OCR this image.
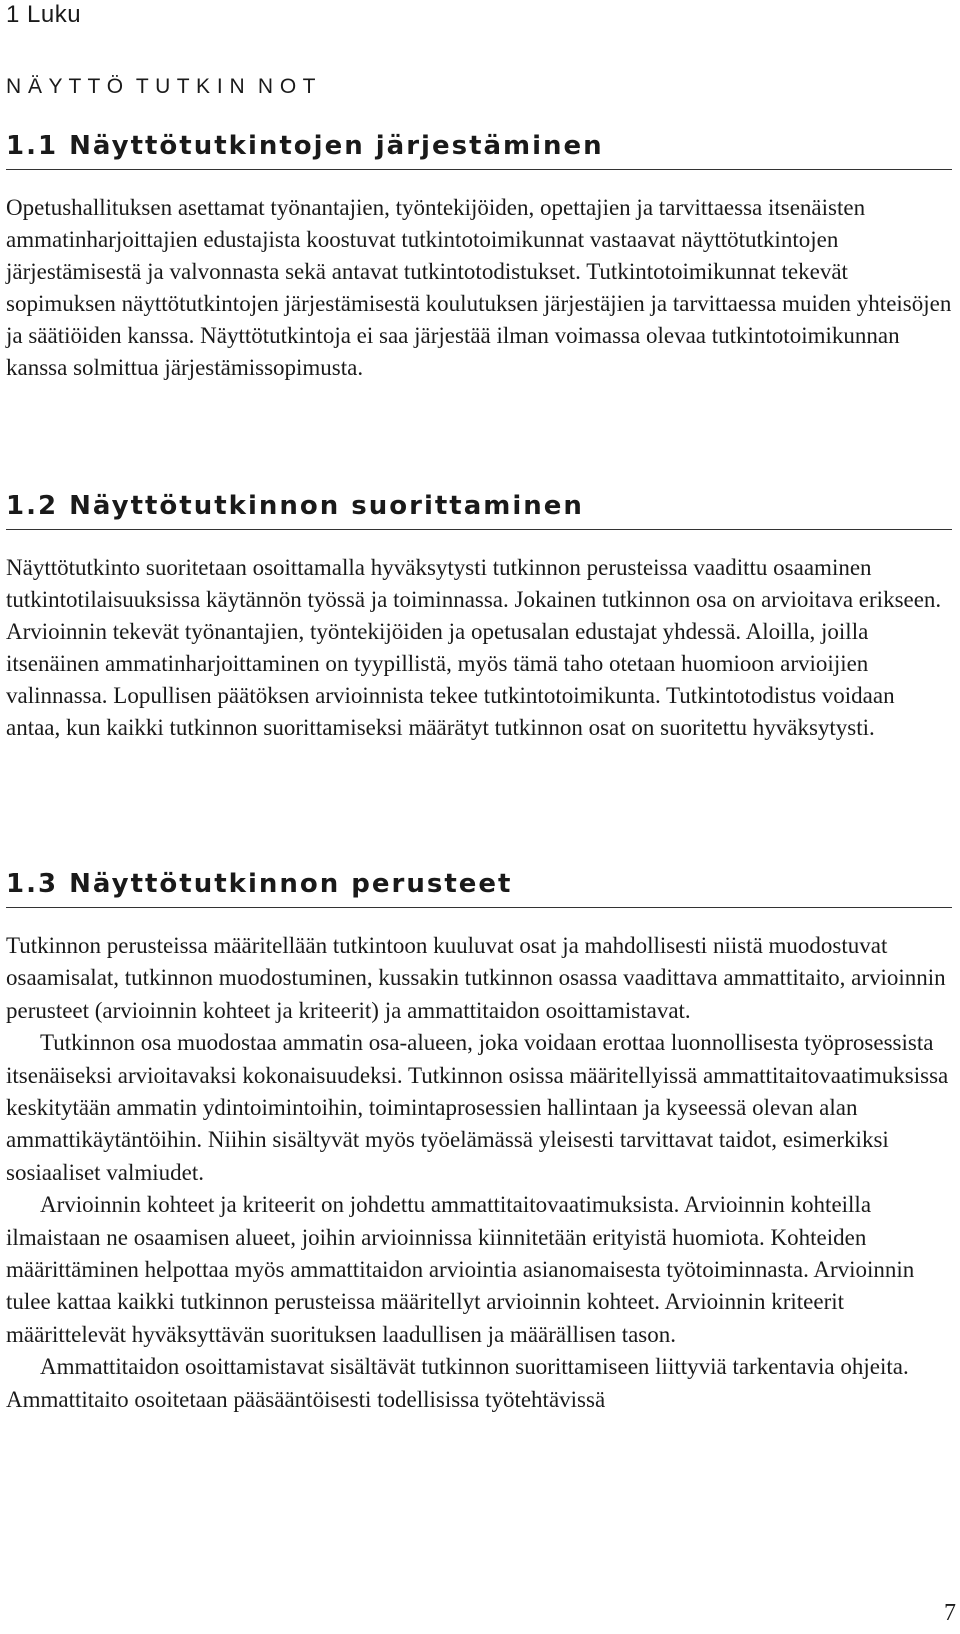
1 Luku

N Ä Y T T Ö  T U T K I N  N O T

1.1 Näyttötutkintojen järjestäminen

Opetushallituksen asettamat työnantajien, työntekijöiden, opettajien ja tarvittaessa itsenäisten ammatinharjoittajien edustajista koostuvat tutkintotoimikunnat vastaavat näyttötutkintojen järjestämisestä ja valvonnasta sekä antavat tutkintotodistukset. Tutkintotoimikunnat tekevät sopimuksen näyttötutkintojen järjestämisestä koulutuksen järjestäjien ja tarvittaessa muiden yhteisöjen ja säätiöiden kanssa. Näyttötutkintoja ei saa järjestää ilman voimassa olevaa tutkintotoimikunnan kanssa solmittua järjestämissopimusta.

1.2 Näyttötutkinnon suorittaminen

Näyttötutkinto suoritetaan osoittamalla hyväksytysti tutkinnon perusteissa vaadittu osaaminen tutkintotilaisuuksissa käytännön työssä ja toiminnassa. Jokainen tutkinnon osa on arvioitava erikseen. Arvioinnin tekevät työnantajien, työntekijöiden ja opetusalan edustajat yhdessä. Aloilla, joilla itsenäinen ammatinharjoittaminen on tyypillistä, myös tämä taho otetaan huomioon arvioijien valinnassa. Lopullisen päätöksen arvioinnista tekee tutkintotoimikunta. Tutkintotodistus voidaan antaa, kun kaikki tutkinnon suorittamiseksi määrätyt tutkinnon osat on suoritettu hyväksytysti.

1.3 Näyttötutkinnon perusteet

Tutkinnon perusteissa määritellään tutkintoon kuuluvat osat ja mahdollisesti niistä muodostuvat osaamisalat, tutkinnon muodostuminen, kussakin tutkinnon osassa vaadittava ammattitaito, arvioinnin perusteet (arvioinnin kohteet ja kriteerit) ja ammattitaidon osoittamistavat.

Tutkinnon osa muodostaa ammatin osa-alueen, joka voidaan erottaa luonnollisesta työprosessista itsenäiseksi arvioitavaksi kokonaisuudeksi. Tutkinnon osissa määritellyissä ammattitaitovaatimuksissa keskitytään ammatin ydintoimintoihin, toimintaprosessien hallintaan ja kyseessä olevan alan ammattikäytäntöihin. Niihin sisältyvät myös työelämässä yleisesti tarvittavat taidot, esimerkiksi sosiaaliset valmiudet.

Arvioinnin kohteet ja kriteerit on johdettu ammattitaitovaatimuksista. Arvioinnin kohteilla ilmaistaan ne osaamisen alueet, joihin arvioinnissa kiinnitetään erityistä huomiota. Kohteiden määrittäminen helpottaa myös ammattitaidon arviointia asianomaisesta työtoiminnasta. Arvioinnin tulee kattaa kaikki tutkinnon perusteissa määritellyt arvioinnin kohteet. Arvioinnin kriteerit määrittelevät hyväksyttävän suorituksen laadullisen ja määrällisen tason.

Ammattitaidon osoittamistavat sisältävät tutkinnon suorittamiseen liittyviä tarkentavia ohjeita. Ammattitaito osoitetaan pääsääntöisesti todellisissa työtehtävissä

7
